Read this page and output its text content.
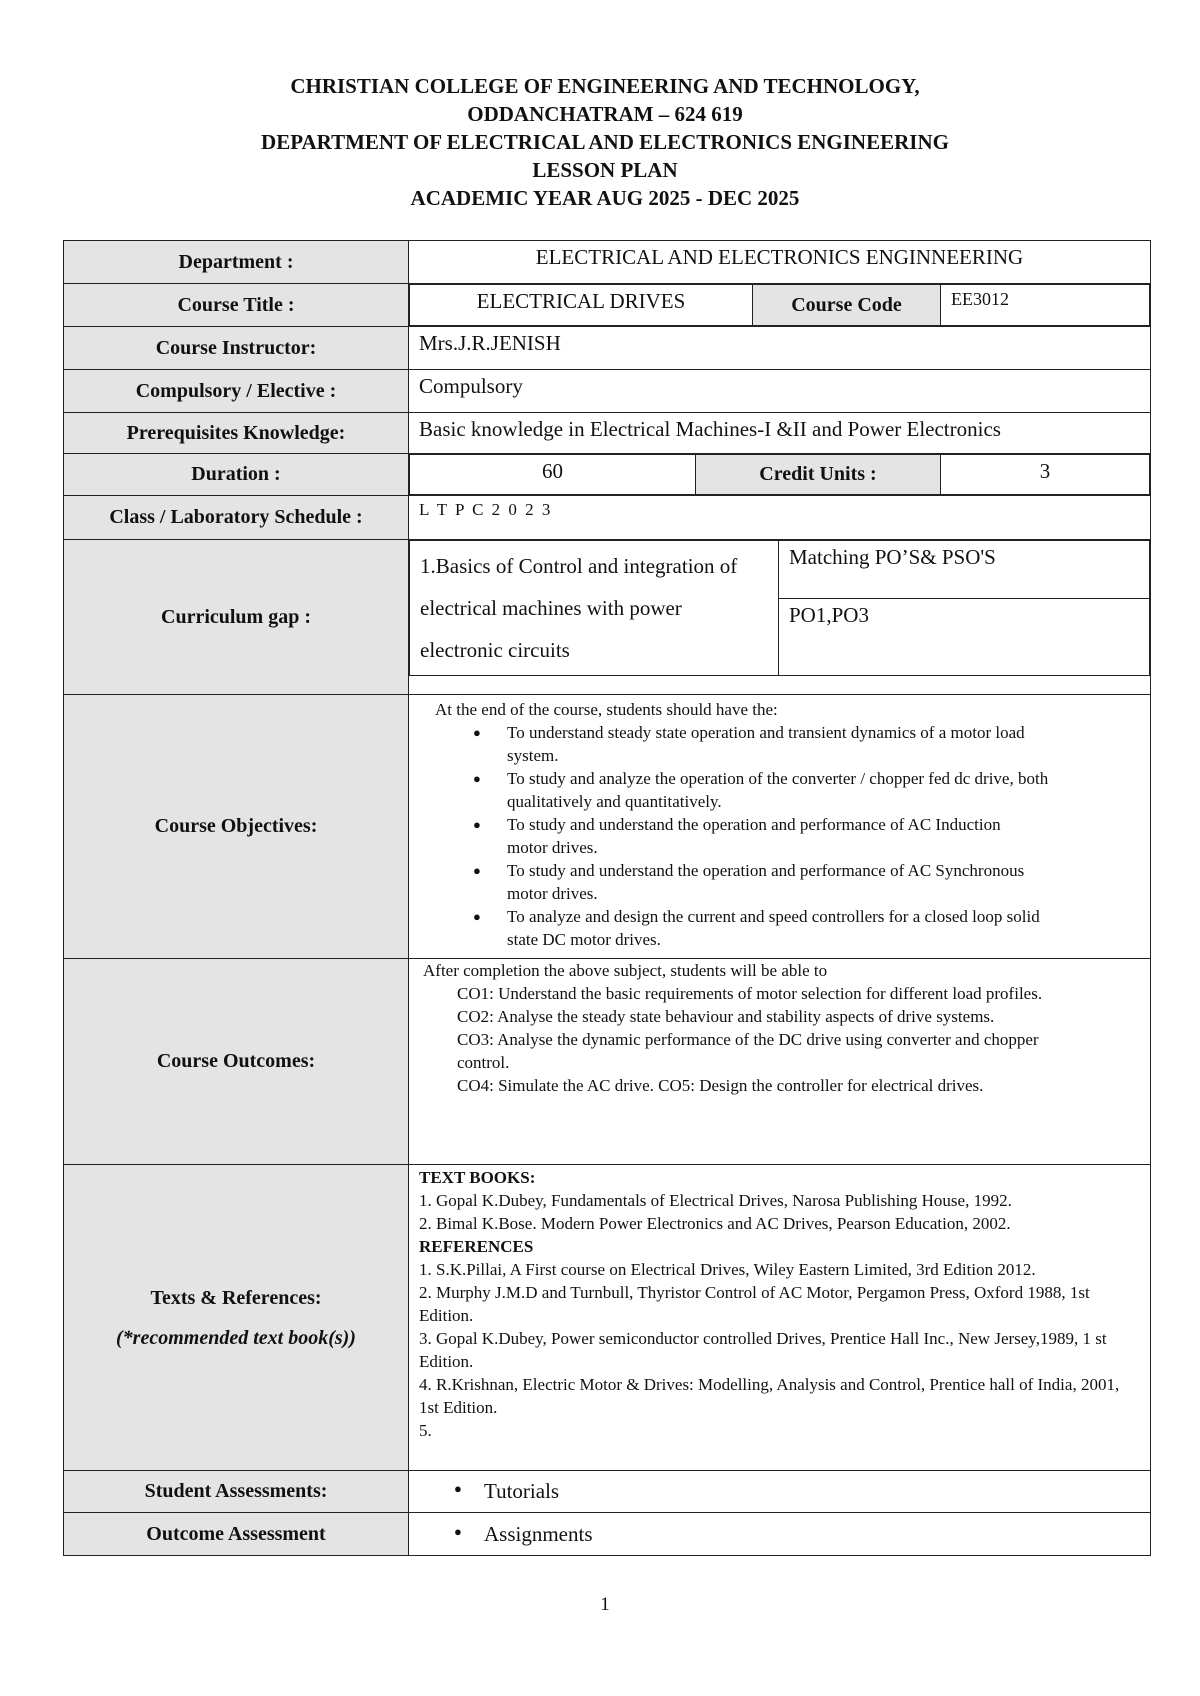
CHRISTIAN COLLEGE OF ENGINEERING AND TECHNOLOGY,
ODDANCHATRAM – 624 619
DEPARTMENT OF ELECTRICAL AND ELECTRONICS ENGINEERING
LESSON PLAN
ACADEMIC YEAR AUG 2025 - DEC 2025
Department :	ELECTRICAL AND ELECTRONICS ENGINNEERING
Course Title :		ELECTRICAL DRIVES	Course Code	EE3012

Course Instructor:	Mrs.J.R.JENISH
Compulsory / Elective :	Compulsory
Prerequisites Knowledge:	Basic knowledge in Electrical Machines-I &II and Power Electronics
Duration :		60	Credit Units :	3

Class / Laboratory Schedule :	L T P C 2 0 2 3
Curriculum gap :	
1.Basics of Control and integration of electrical machines with power electronic circuits	Matching PO’S& PSO'S
PO1,PO3

Course Objectives:	
At the end of the course, students should have the:
● To understand steady state operation and transient dynamics of a motor load system.
● To study and analyze the operation of the converter / chopper fed dc drive, both qualitatively and quantitatively.
● To study and understand the operation and performance of AC Induction motor drives.
● To study and understand the operation and performance of AC Synchronous motor drives.
● To analyze and design the current and speed controllers for a closed loop solid state DC motor drives.

Course Outcomes:	
After completion the above subject, students will be able to
CO1: Understand the basic requirements of motor selection for different load profiles.
CO2: Analyse the steady state behaviour and stability aspects of drive systems.
CO3: Analyse the dynamic performance of the DC drive using converter and chopper control.
CO4: Simulate the AC drive. CO5: Design the controller for electrical drives.

Texts & References:
(*recommended text book(s))

TEXT BOOKS:
1. Gopal K.Dubey, Fundamentals of Electrical Drives, Narosa Publishing House, 1992.
2. Bimal K.Bose. Modern Power Electronics and AC Drives, Pearson Education, 2002.
REFERENCES
1. S.K.Pillai, A First course on Electrical Drives, Wiley Eastern Limited, 3rd Edition 2012.
2. Murphy J.M.D and Turnbull, Thyristor Control of AC Motor, Pergamon Press, Oxford 1988, 1st Edition.
3. Gopal K.Dubey, Power semiconductor controlled Drives, Prentice Hall Inc., New Jersey,1989, 1 st Edition.
4. R.Krishnan, Electric Motor & Drives: Modelling, Analysis and Control, Prentice hall of India, 2001, 1st Edition.
5.

Student Assessments:	
●Tutorials

Outcome Assessment	
●Assignments
1
